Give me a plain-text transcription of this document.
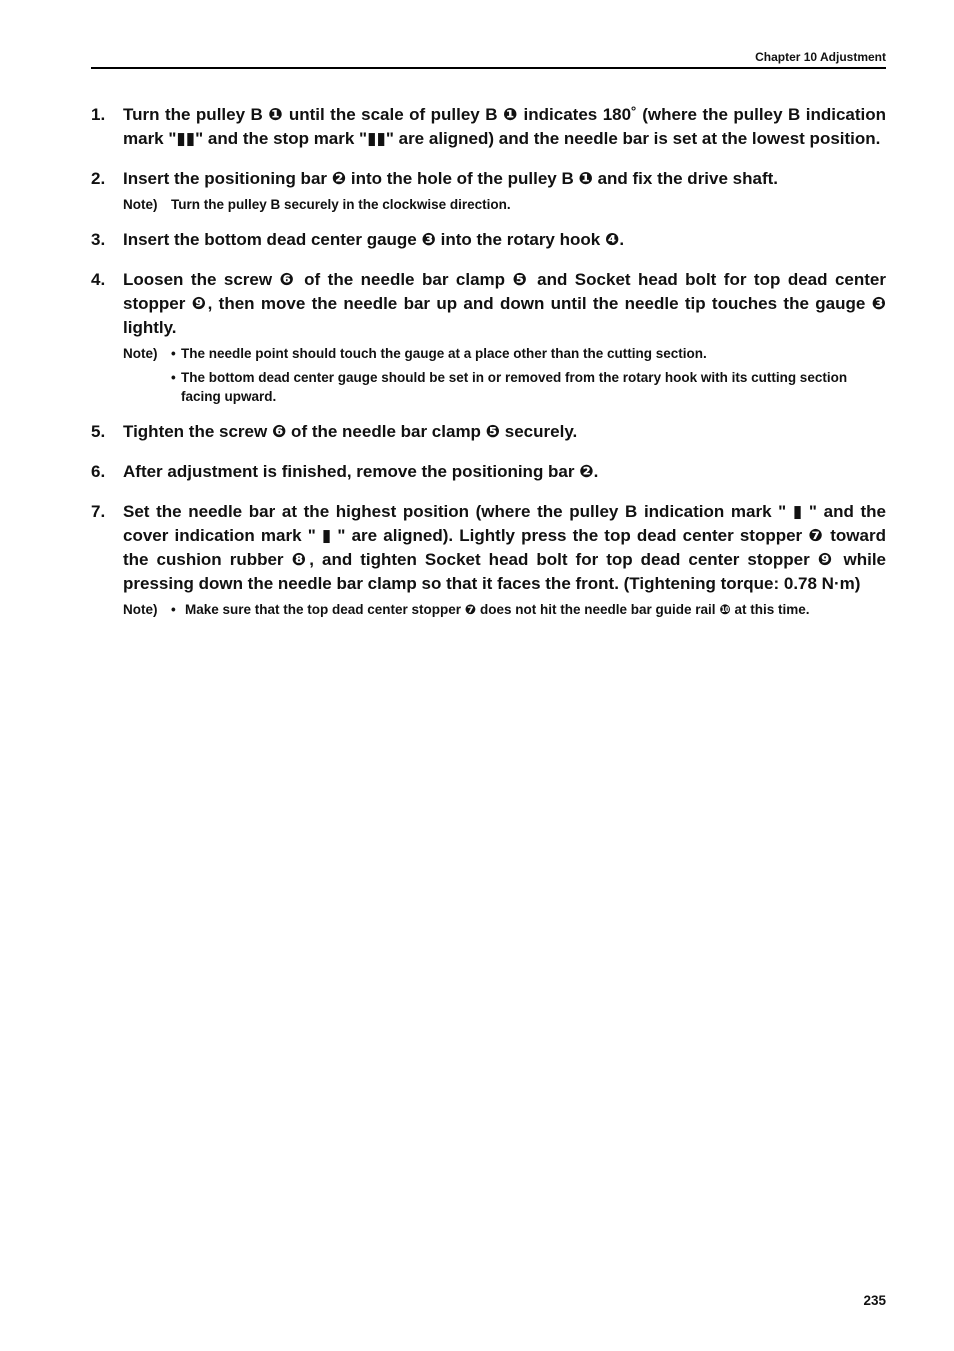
Chapter 10 Adjustment
1.	Turn the pulley B ❶ until the scale of pulley B ❶ indicates 180˚ (where the pulley B indication mark "▮▮" and the stop mark "▮▮" are aligned) and the needle bar is set at the lowest position.
2.	Insert the positioning bar ❷ into the hole of the pulley B ❶ and fix the drive shaft.
Note)	Turn the pulley B securely in the clockwise direction.
3.	Insert the bottom dead center gauge ❸ into the rotary hook ❹.
4.	Loosen the screw ❻ of the needle bar clamp ❺ and Socket head bolt for top dead center stopper ❾, then move the needle bar up and down until the needle tip touches the gauge ❸ lightly.
Note)	• The needle point should touch the gauge at a place other than the cutting section.
• The bottom dead center gauge should be set in or removed from the rotary hook with its cutting section facing upward.
5.	Tighten the screw ❻ of the needle bar clamp ❺ securely.
6.	After adjustment is finished, remove the positioning bar ❷.
7.	Set the needle bar at the highest position (where the pulley B indication mark " ▮ " and the cover indication mark " ▮ " are aligned). Lightly press the top dead center stopper ❼ toward the cushion rubber ❽, and tighten Socket head bolt for top dead center stopper ❾ while pressing down the needle bar clamp so that it faces the front. (Tightening torque: 0.78 N·m)
Note)	• Make sure that the top dead center stopper ❼ does not hit the needle bar guide rail ❿ at this time.
235
